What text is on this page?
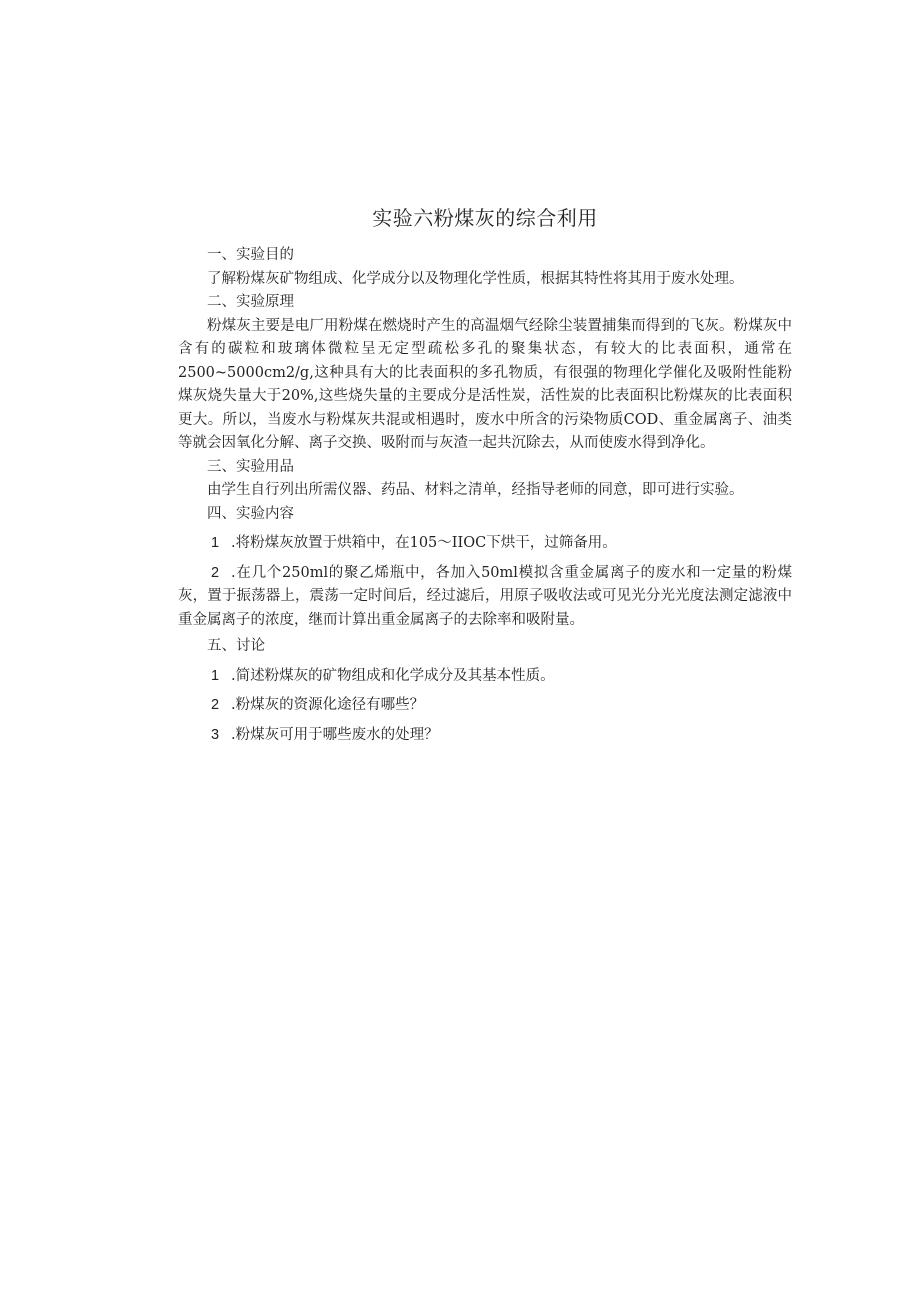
实验六粉煤灰的综合利用

一、实验目的

了解粉煤灰矿物组成、化学成分以及物理化学性质，根据其特性将其用于废水处理。

二、实验原理

粉煤灰主要是电厂用粉煤在燃烧时产生的高温烟气经除尘装置捕集而得到的飞灰。粉煤灰中含有的碳粒和玻璃体微粒呈无定型疏松多孔的聚集状态，有较大的比表面积，通常在2500~5000cm2/g,这种具有大的比表面积的多孔物质，有很强的物理化学催化及吸附性能粉煤灰烧失量大于20%,这些烧失量的主要成分是活性炭，活性炭的比表面积比粉煤灰的比表面积更大。所以，当废水与粉煤灰共混或相遇时，废水中所含的污染物质COD、重金属离子、油类等就会因氧化分解、离子交换、吸附而与灰渣一起共沉除去，从而使废水得到净化。

三、实验用品

由学生自行列出所需仪器、药品、材料之清单，经指导老师的同意，即可进行实验。

四、实验内容

1 .将粉煤灰放置于烘箱中，在105～IIOC下烘干，过筛备用。

2 .在几个250ml的聚乙烯瓶中，各加入50ml模拟含重金属离子的废水和一定量的粉煤灰，置于振荡器上，震荡一定时间后，经过滤后，用原子吸收法或可见光分光光度法测定滤液中重金属离子的浓度，继而计算出重金属离子的去除率和吸附量。

五、讨论

1 .简述粉煤灰的矿物组成和化学成分及其基本性质。

2 .粉煤灰的资源化途径有哪些？

3 .粉煤灰可用于哪些废水的处理？
